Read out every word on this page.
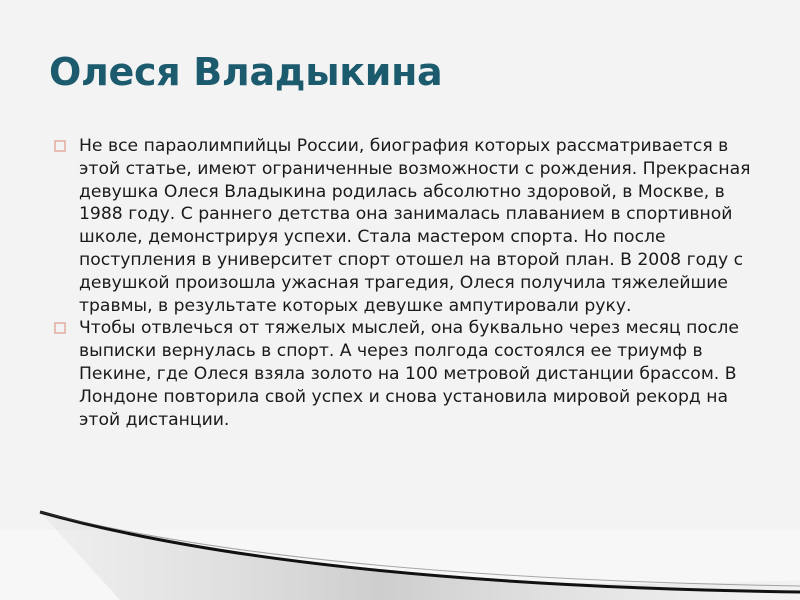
Олеся Владыкина
Не все параолимпийцы России, биография которых рассматривается в этой статье, имеют ограниченные возможности с рождения. Прекрасная девушка Олеся Владыкина родилась абсолютно здоровой, в Москве, в 1988 году. С раннего детства она занималась плаванием в спортивной школе, демонстрируя успехи. Стала мастером спорта. Но после поступления в университет спорт отошел на второй план. В 2008 году с девушкой произошла ужасная трагедия, Олеся получила тяжелейшие травмы, в результате которых девушке ампутировали руку.
Чтобы отвлечься от тяжелых мыслей, она буквально через месяц после выписки вернулась в спорт. А через полгода состоялся ее триумф в Пекине, где Олеся взяла золото на 100 метровой дистанции брассом. В Лондоне повторила свой успех и снова установила мировой рекорд на этой дистанции.
